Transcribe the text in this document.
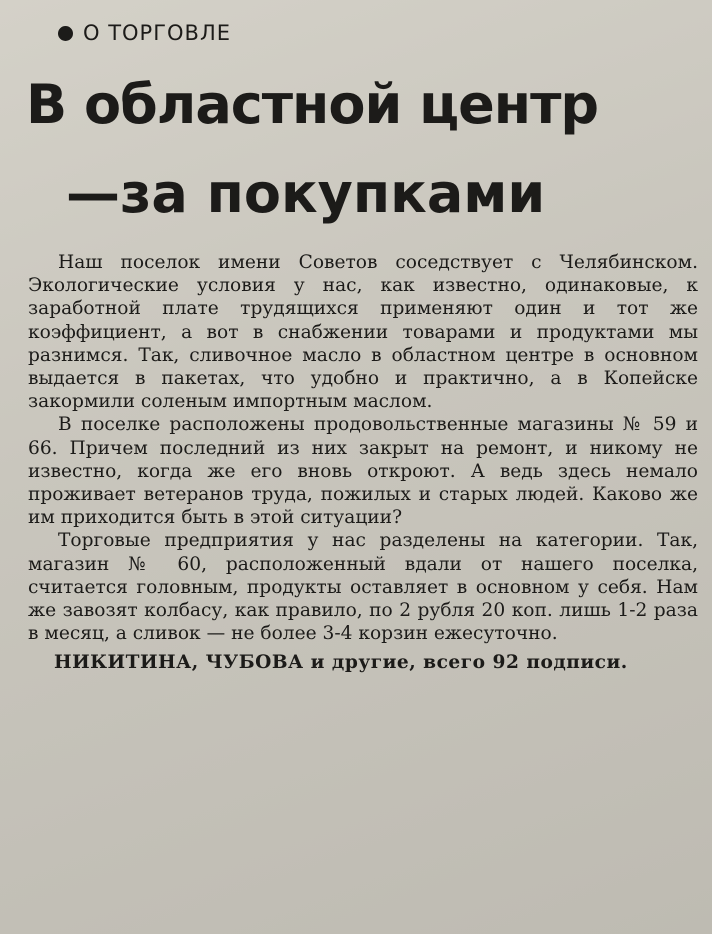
О ТОРГОВЛЕ
В областной центр
—за покупками

Наш поселок имени Советов соседствует с Челябинском. Экологические условия у нас, как известно, одинаковые, к заработной плате трудящихся применяют один и тот же коэффициент, а вот в снабжении товарами и продуктами мы разнимся. Так, сливочное масло в областном центре в основном выдается в пакетах, что удобно и практично, а в Копейске закормили соленым импортным маслом.

В поселке расположены продовольственные магазины № 59 и 66. Причем последний из них закрыт на ремонт, и никому не известно, когда же его вновь откроют. А ведь здесь немало проживает ветеранов труда, пожилых и старых людей. Каково же им приходится быть в этой ситуации?

Торговые предприятия у нас разделены на категории. Так, магазин № 60, расположенный вдали от нашего поселка, считается головным, продукты оставляет в основном у себя. Нам же завозят колбасу, как правило, по 2 рубля 20 коп. лишь 1-2 раза в месяц, а сливок — не более 3-4 корзин ежесуточно.

НИКИТИНА, ЧУБОВА и другие, всего 92 подписи.
